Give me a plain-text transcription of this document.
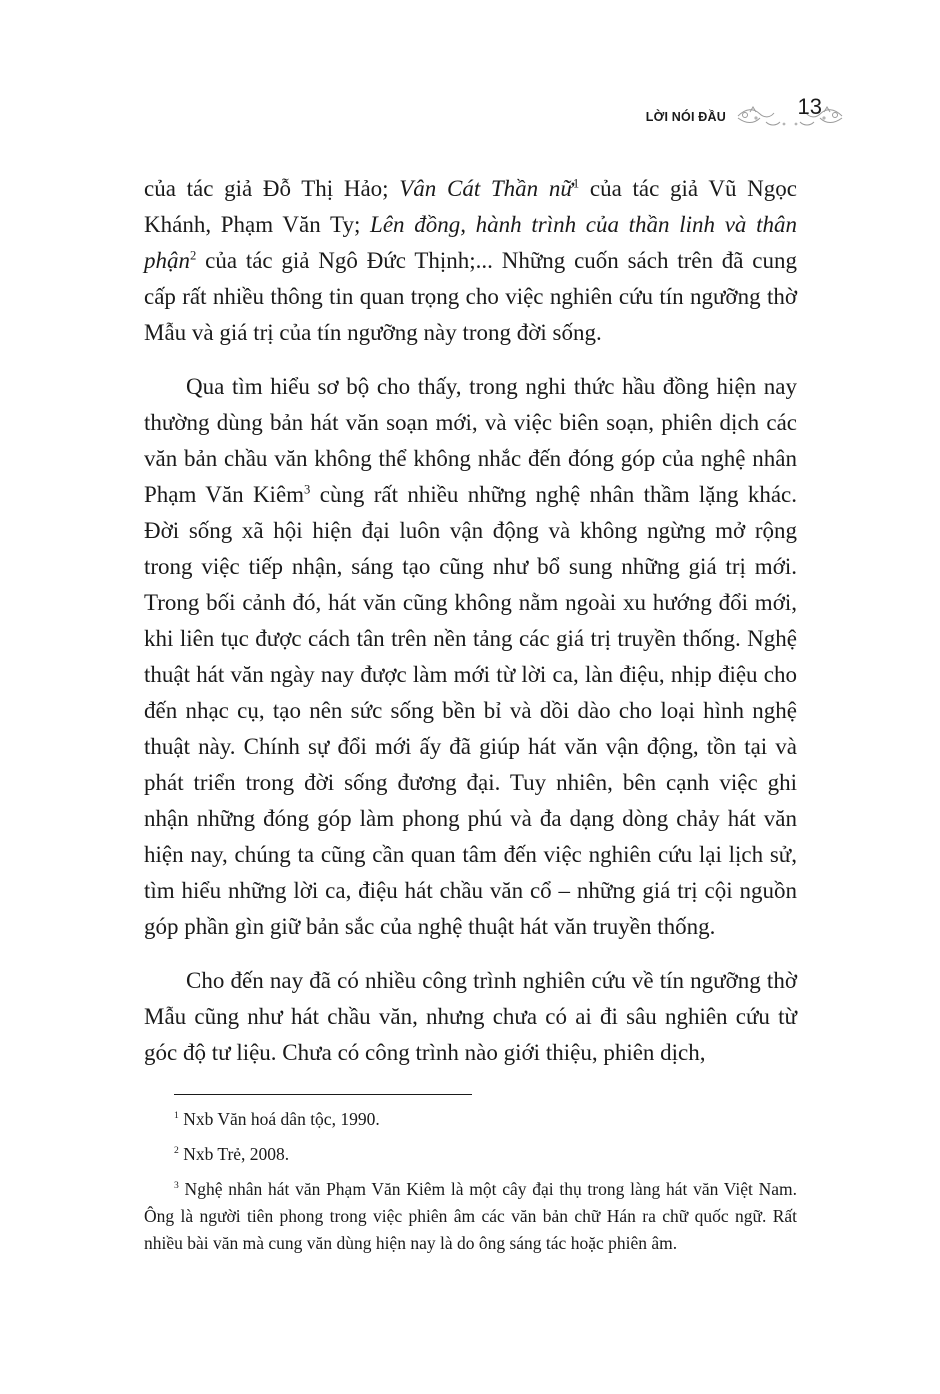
LỜI NÓI ĐẦU	13

của tác giả Đỗ Thị Hảo; Vân Cát Thần nữ$^1$ của tác giả Vũ Ngọc Khánh, Phạm Văn Ty; Lên đồng, hành trình của thần linh và thân phận$^2$ của tác giả Ngô Đức Thịnh;... Những cuốn sách trên đã cung cấp rất nhiều thông tin quan trọng cho việc nghiên cứu tín ngưỡng thờ Mẫu và giá trị của tín ngưỡng này trong đời sống.

Qua tìm hiểu sơ bộ cho thấy, trong nghi thức hầu đồng hiện nay thường dùng bản hát văn soạn mới, và việc biên soạn, phiên dịch các văn bản chầu văn không thể không nhắc đến đóng góp của nghệ nhân Phạm Văn Kiêm$^3$ cùng rất nhiều những nghệ nhân thầm lặng khác. Đời sống xã hội hiện đại luôn vận động và không ngừng mở rộng trong việc tiếp nhận, sáng tạo cũng như bổ sung những giá trị mới. Trong bối cảnh đó, hát văn cũng không nằm ngoài xu hướng đổi mới, khi liên tục được cách tân trên nền tảng các giá trị truyền thống. Nghệ thuật hát văn ngày nay được làm mới từ lời ca, làn điệu, nhịp điệu cho đến nhạc cụ, tạo nên sức sống bền bỉ và dồi dào cho loại hình nghệ thuật này. Chính sự đổi mới ấy đã giúp hát văn vận động, tồn tại và phát triển trong đời sống đương đại. Tuy nhiên, bên cạnh việc ghi nhận những đóng góp làm phong phú và đa dạng dòng chảy hát văn hiện nay, chúng ta cũng cần quan tâm đến việc nghiên cứu lại lịch sử, tìm hiểu những lời ca, điệu hát chầu văn cổ – những giá trị cội nguồn góp phần gìn giữ bản sắc của nghệ thuật hát văn truyền thống.

Cho đến nay đã có nhiều công trình nghiên cứu về tín ngưỡng thờ Mẫu cũng như hát chầu văn, nhưng chưa có ai đi sâu nghiên cứu từ góc độ tư liệu. Chưa có công trình nào giới thiệu, phiên dịch,

$^1$ Nxb Văn hoá dân tộc, 1990.

$^2$ Nxb Trẻ, 2008.

$^3$ Nghệ nhân hát văn Phạm Văn Kiêm là một cây đại thụ trong làng hát văn Việt Nam. Ông là người tiên phong trong việc phiên âm các văn bản chữ Hán ra chữ quốc ngữ. Rất nhiều bài văn mà cung văn dùng hiện nay là do ông sáng tác hoặc phiên âm.
